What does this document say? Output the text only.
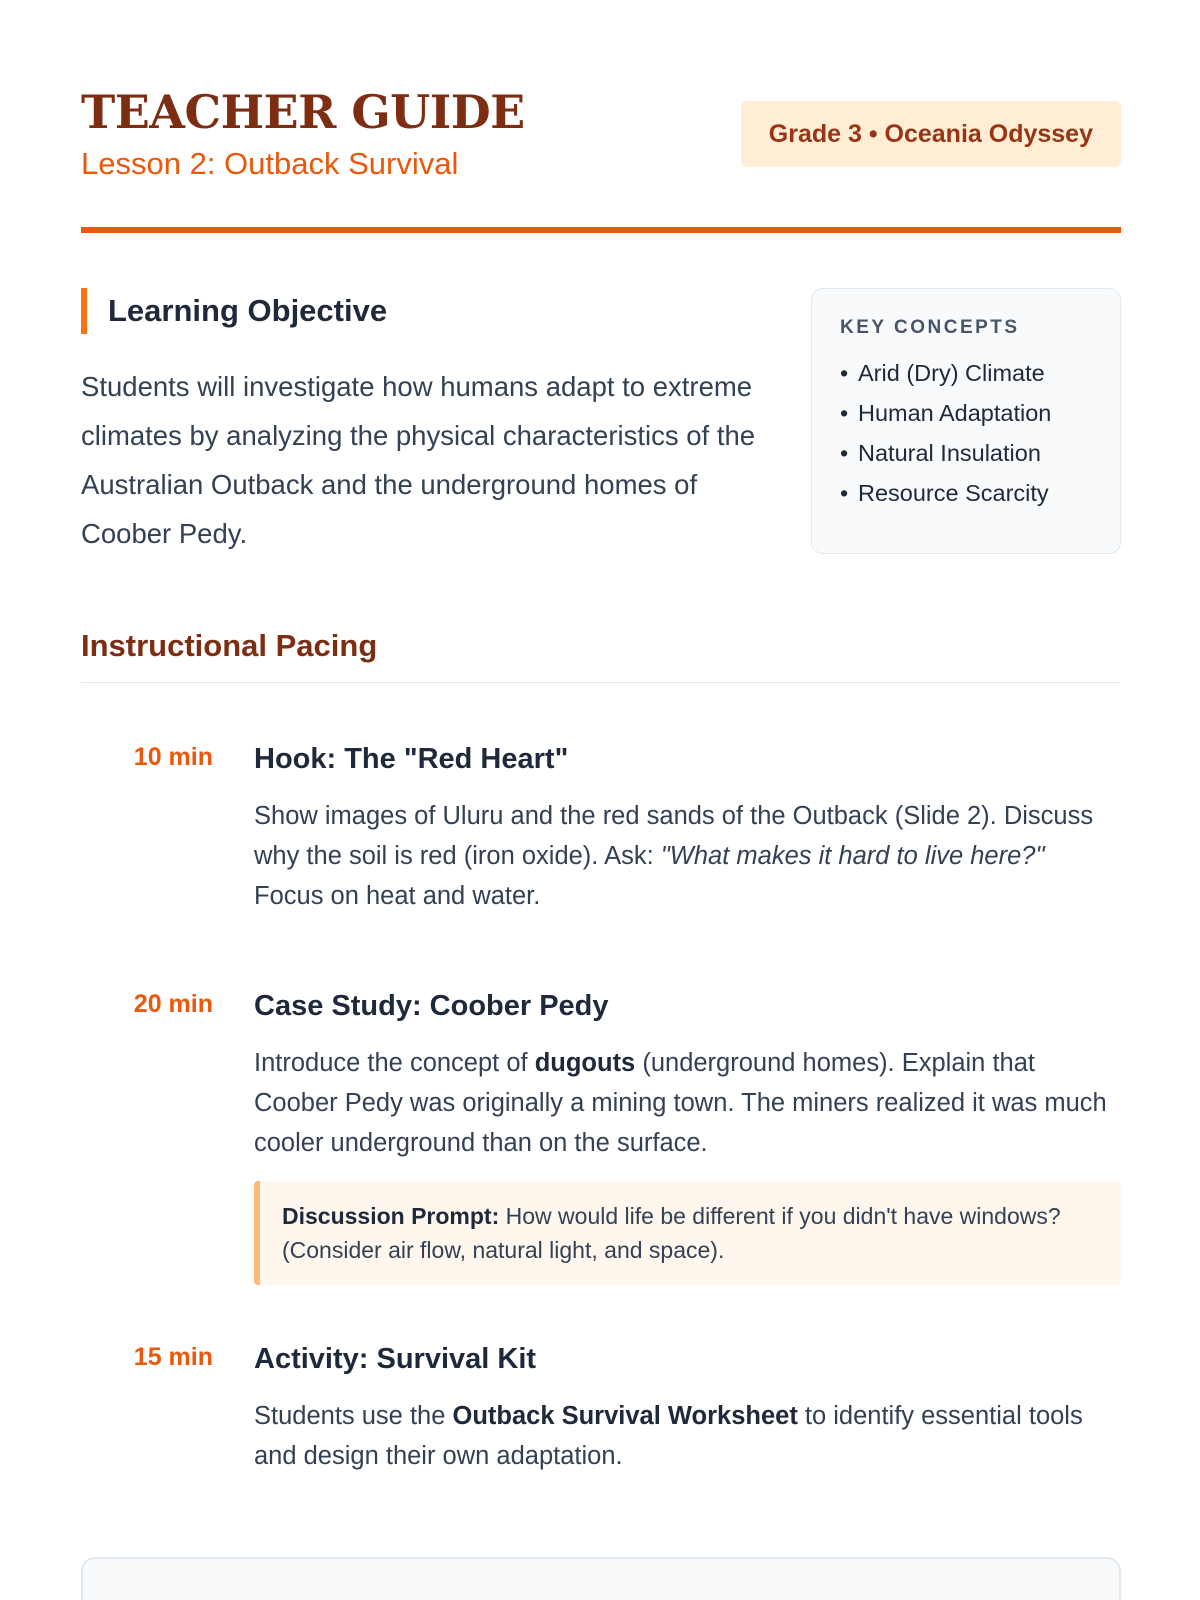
TEACHER GUIDE
Lesson 2: Outback Survival
Grade 3 • Oceania Odyssey
Learning Objective

Students will investigate how humans adapt to extreme climates by analyzing the physical characteristics of the Australian Outback and the underground homes of Coober Pedy.

KEY CONCEPTS
• Arid (Dry) Climate
• Human Adaptation
• Natural Insulation
• Resource Scarcity
Instructional Pacing
10 min Hook: The "Red Heart"

Show images of Uluru and the red sands of the Outback (Slide 2). Discuss why the soil is red (iron oxide). Ask: "What makes it hard to live here?" Focus on heat and water.

20 min Case Study: Coober Pedy

Introduce the concept of dugouts (underground homes). Explain that Coober Pedy was originally a mining town. The miners realized it was much cooler underground than on the surface.

Discussion Prompt: How would life be different if you didn't have windows? (Consider air flow, natural light, and space).
15 min Activity: Survival Kit

Students use the Outback Survival Worksheet to identify essential tools and design their own adaptation.
